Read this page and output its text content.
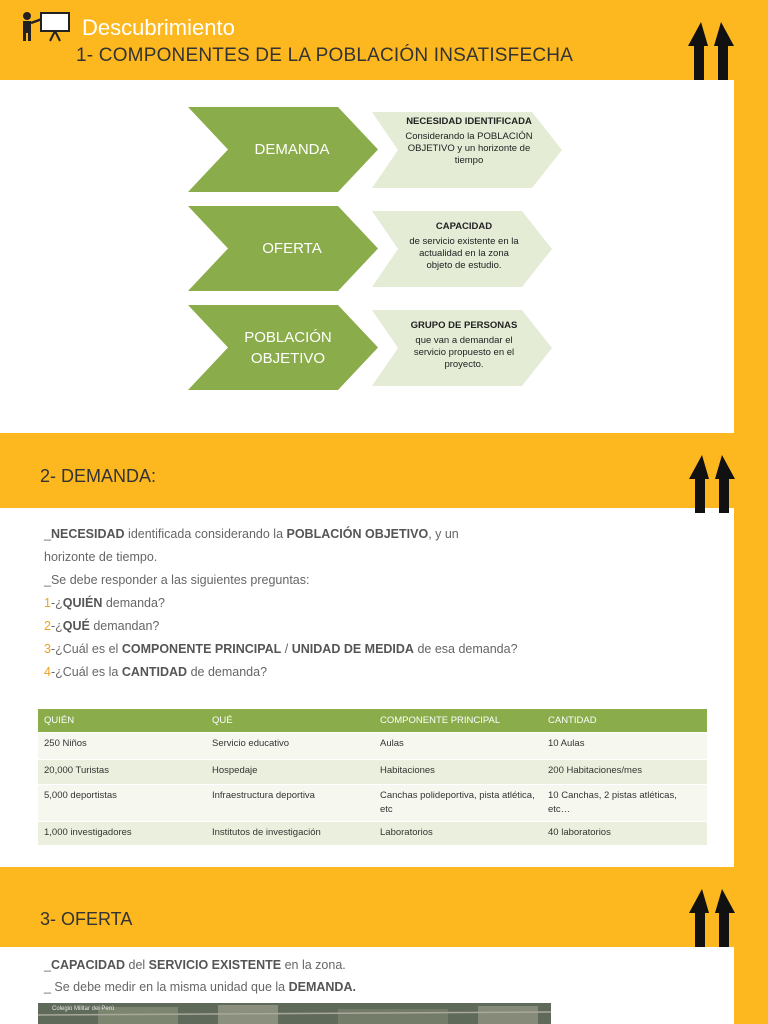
Descubrimiento
1- COMPONENTES DE LA POBLACIÓN INSATISFECHA
DEMANDA
NECESIDAD IDENTIFICADA
Considerando la POBLACIÓN OBJETIVO y un horizonte de tiempo
OFERTA
CAPACIDAD
de servicio existente en la actualidad en la zona objeto de estudio.
POBLACIÓN OBJETIVO
GRUPO DE PERSONAS
que van a demandar el servicio propuesto en el proyecto.
2- DEMANDA:
_NECESIDAD identificada considerando la POBLACIÓN OBJETIVO, y un
horizonte de tiempo.
_Se debe responder a las siguientes preguntas:
1-¿QUIÉN demanda?
2-¿QUÉ demandan?
3-¿Cuál es el COMPONENTE PRINCIPAL / UNIDAD DE MEDIDA de esa demanda?
4-¿Cuál es la CANTIDAD de demanda?
QUIÉN	QUÉ	COMPONENTE PRINCIPAL	CANTIDAD
250 Niños	Servicio educativo	Aulas	10 Aulas
20,000 Turistas	Hospedaje	Habitaciones	200 Habitaciones/mes
5,000 deportistas	Infraestructura deportiva	Canchas polideportiva, pista atlética, etc	10 Canchas, 2 pistas atléticas, etc…
1,000 investigadores	Institutos de investigación	Laboratorios	40 laboratorios
3- OFERTA
_CAPACIDAD del SERVICIO EXISTENTE en la zona.
_ Se debe medir en la misma unidad que la DEMANDA.
Colegio Militar del Perú
